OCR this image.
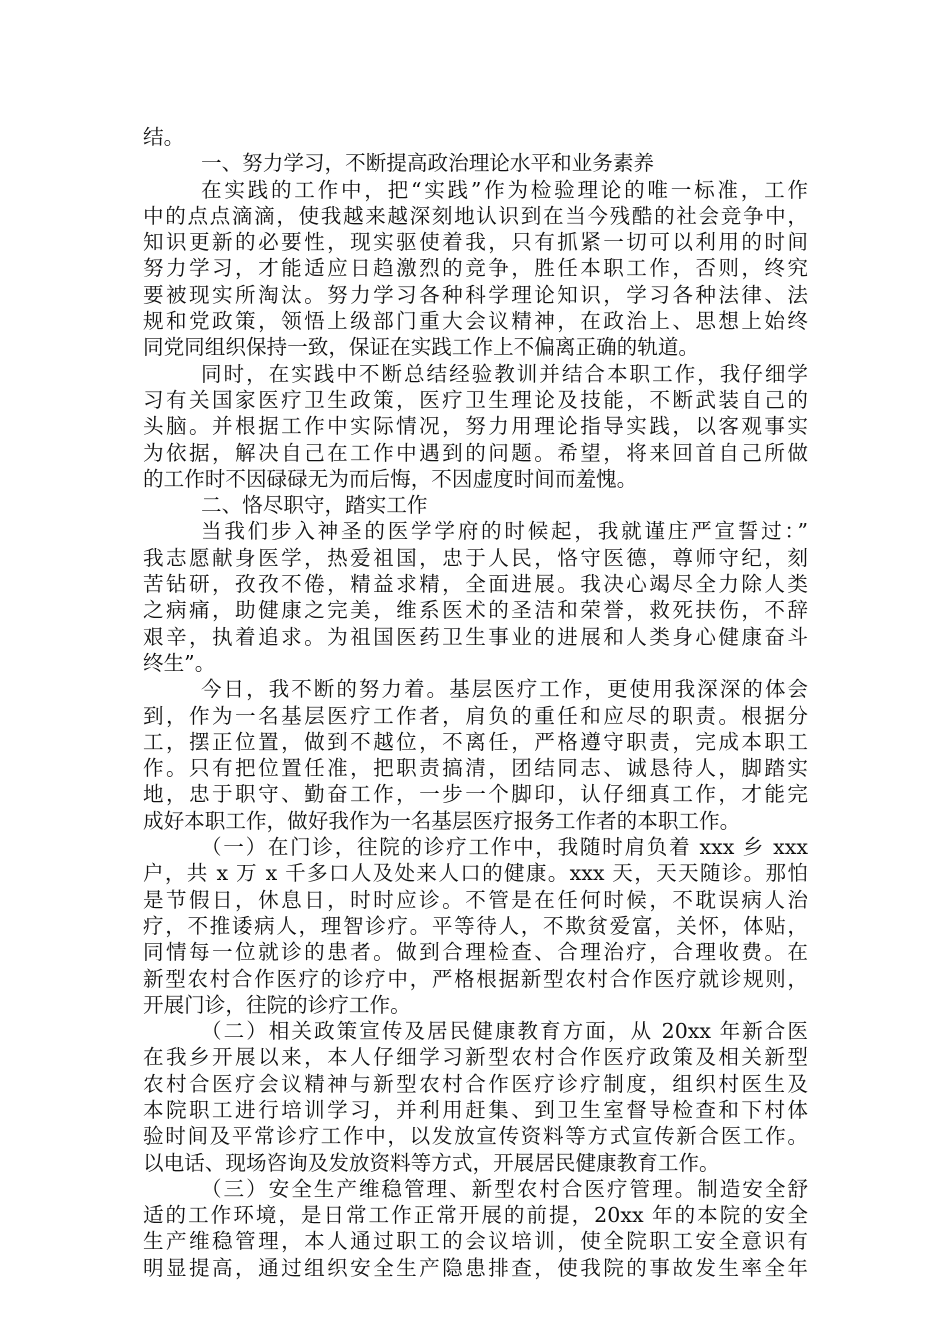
结。
一、努力学习，不断提高政治理论水平和业务素养
在实践的工作中，把“实践”作为检验理论的唯一标准，工作
中的点点滴滴，使我越来越深刻地认识到在当今残酷的社会竞争中，
知识更新的必要性，现实驱使着我，只有抓紧一切可以利用的时间
努力学习，才能适应日趋激烈的竞争，胜任本职工作，否则，终究
要被现实所淘汰。努力学习各种科学理论知识，学习各种法律、法
规和党政策，领悟上级部门重大会议精神，在政治上、思想上始终
同党同组织保持一致，保证在实践工作上不偏离正确的轨道。
同时，在实践中不断总结经验教训并结合本职工作，我仔细学
习有关国家医疗卫生政策，医疗卫生理论及技能，不断武装自己的
头脑。并根据工作中实际情况，努力用理论指导实践，以客观事实
为依据，解决自己在工作中遇到的问题。希望，将来回首自己所做
的工作时不因碌碌无为而后悔，不因虚度时间而羞愧。
二、恪尽职守，踏实工作
当我们步入神圣的医学学府的时候起，我就谨庄严宣誓过：”
我志愿献身医学，热爱祖国，忠于人民，恪守医德，尊师守纪，刻
苦钻研，孜孜不倦，精益求精，全面进展。我决心竭尽全力除人类
之病痛，助健康之完美，维系医术的圣洁和荣誉，救死扶伤，不辞
艰辛，执着追求。为祖国医药卫生事业的进展和人类身心健康奋斗
终生”。
今日，我不断的努力着。基层医疗工作，更使用我深深的体会
到，作为一名基层医疗工作者，肩负的重任和应尽的职责。根据分
工，摆正位置，做到不越位，不离任，严格遵守职责，完成本职工
作。只有把位置任准，把职责搞清，团结同志、诚恳待人，脚踏实
地，忠于职守、勤奋工作，一步一个脚印，认仔细真工作，才能完
成好本职工作，做好我作为一名基层医疗报务工作者的本职工作。
（一）在门诊，往院的诊疗工作中，我随时肩负着 xxx 乡 xxx
户，共 x 万 x 千多口人及处来人口的健康。xxx 天，天天随诊。那怕
是节假日，休息日，时时应诊。不管是在任何时候，不耽误病人治
疗，不推诿病人，理智诊疗。平等待人，不欺贫爱富，关怀，体贴，
同情每一位就诊的患者。做到合理检查、合理治疗，合理收费。在
新型农村合作医疗的诊疗中，严格根据新型农村合作医疗就诊规则，
开展门诊，往院的诊疗工作。
（二）相关政策宣传及居民健康教育方面，从 20xx 年新合医
在我乡开展以来，本人仔细学习新型农村合作医疗政策及相关新型
农村合医疗会议精神与新型农村合作医疗诊疗制度，组织村医生及
本院职工进行培训学习，并利用赶集、到卫生室督导检查和下村体
验时间及平常诊疗工作中，以发放宣传资料等方式宣传新合医工作。
以电话、现场咨询及发放资料等方式，开展居民健康教育工作。
（三）安全生产维稳管理、新型农村合医疗管理。制造安全舒
适的工作环境，是日常工作正常开展的前提，20xx 年的本院的安全
生产维稳管理，本人通过职工的会议培训，使全院职工安全意识有
明显提高，通过组织安全生产隐患排查，使我院的事故发生率全年
